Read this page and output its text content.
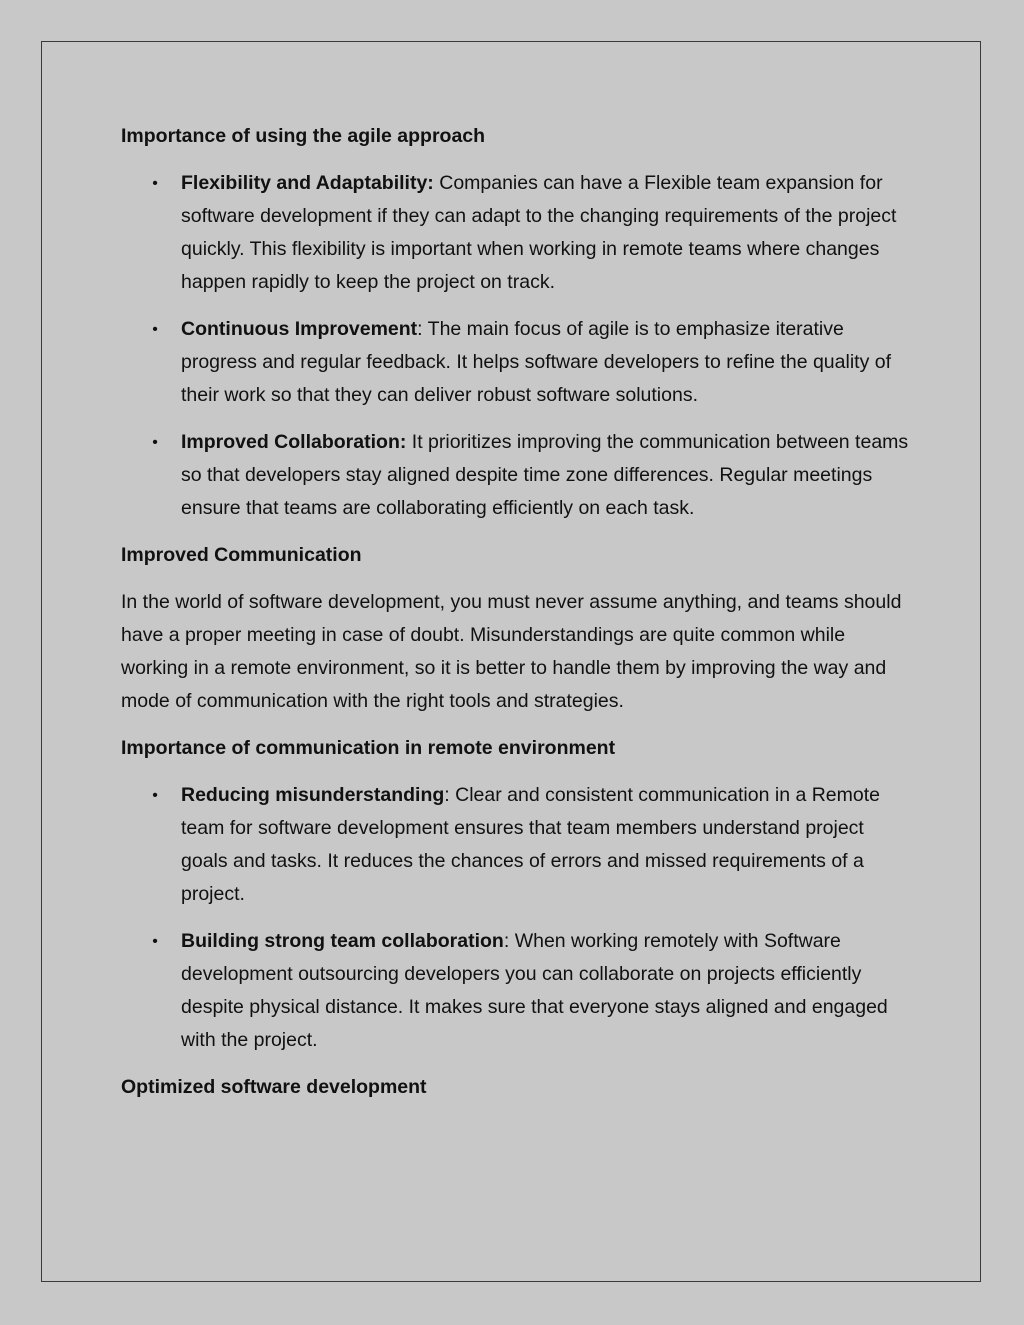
Importance of using the agile approach
• Flexibility and Adaptability: Companies can have a Flexible team expansion for software development if they can adapt to the changing requirements of the project quickly. This flexibility is important when working in remote teams where changes happen rapidly to keep the project on track.
• Continuous Improvement: The main focus of agile is to emphasize iterative progress and regular feedback. It helps software developers to refine the quality of their work so that they can deliver robust software solutions.
• Improved Collaboration: It prioritizes improving the communication between teams so that developers stay aligned despite time zone differences. Regular meetings ensure that teams are collaborating efficiently on each task.
Improved Communication

In the world of software development, you must never assume anything, and teams should have a proper meeting in case of doubt. Misunderstandings are quite common while working in a remote environment, so it is better to handle them by improving the way and mode of communication with the right tools and strategies.

Importance of communication in remote environment
• Reducing misunderstanding: Clear and consistent communication in a Remote team for software development ensures that team members understand project goals and tasks. It reduces the chances of errors and missed requirements of a project.
• Building strong team collaboration: When working remotely with Software development outsourcing developers you can collaborate on projects efficiently despite physical distance. It makes sure that everyone stays aligned and engaged with the project.
Optimized software development
